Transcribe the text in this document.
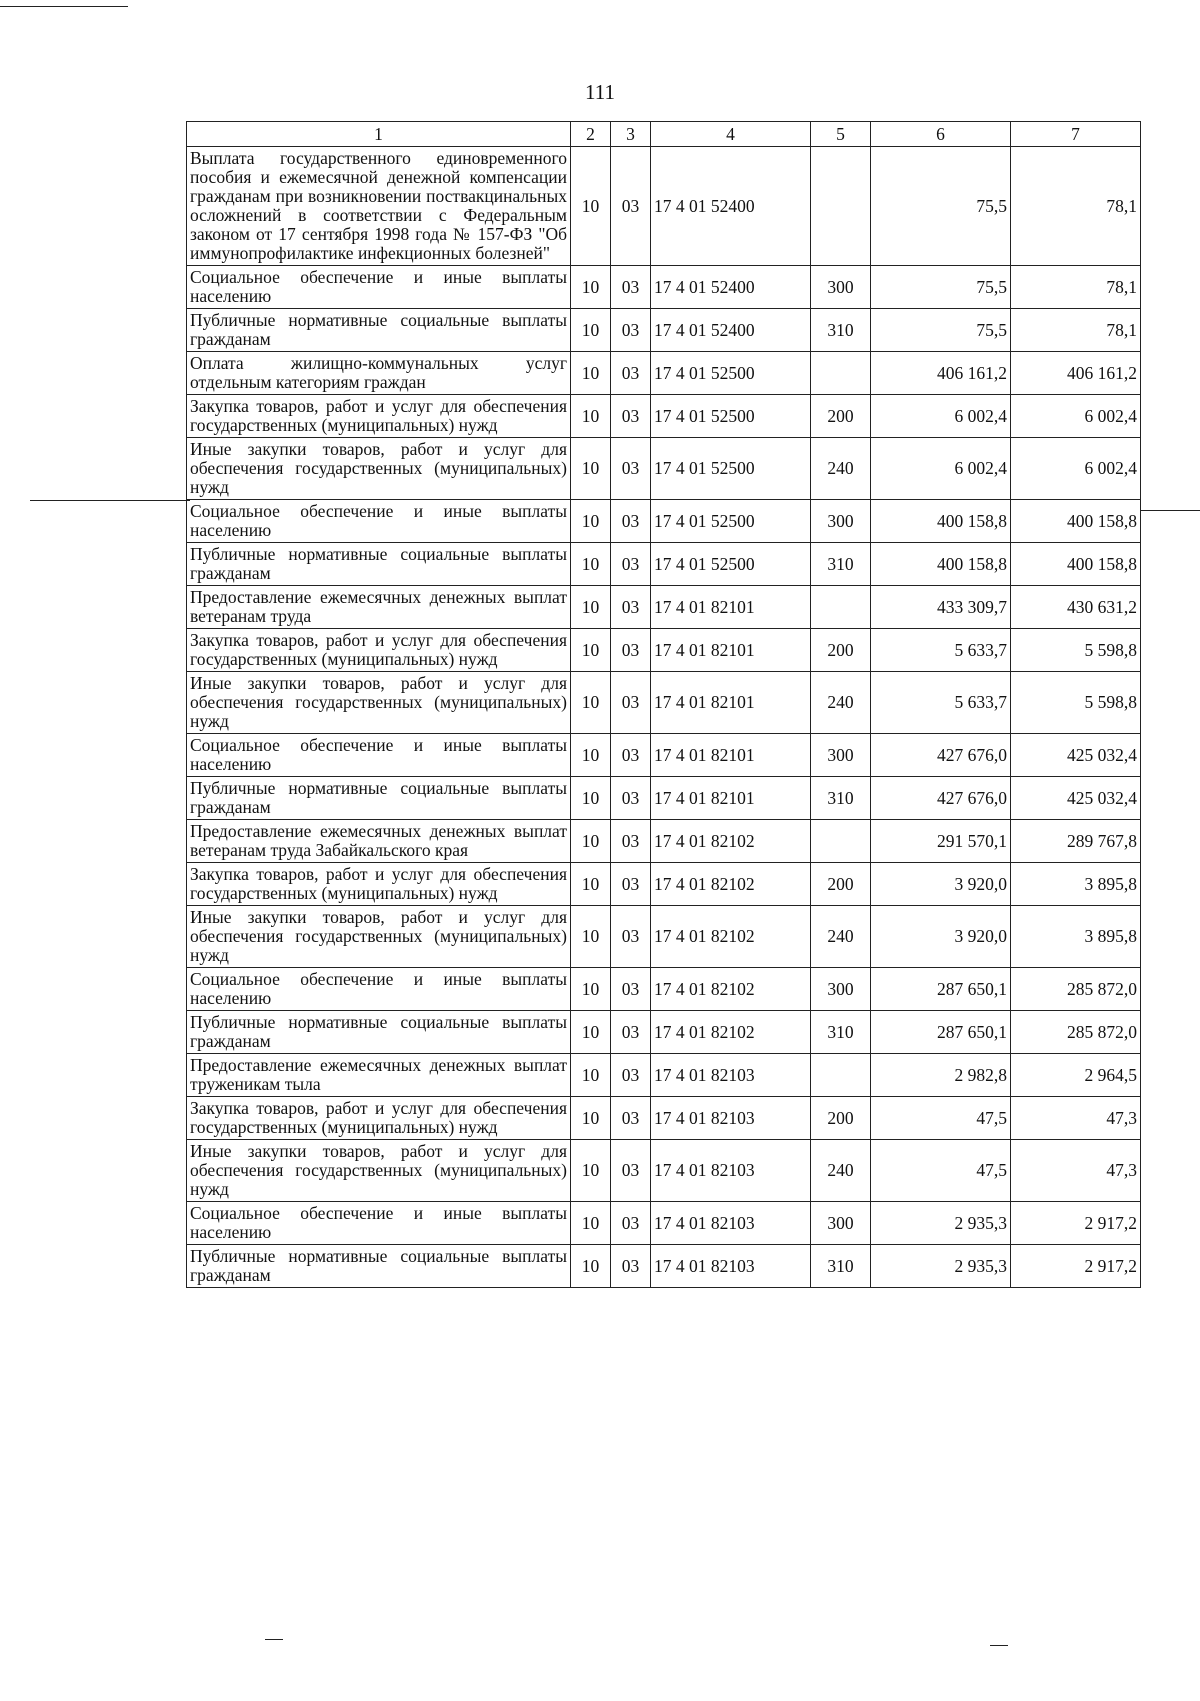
111
1	2	3	4	5	6	7
Выплата государственного единовременного пособия и ежемесячной денежной компенсации гражданам при возникновении поствакцинальных осложнений в соответствии с Федеральным законом от 17 сентября 1998 года № 157-ФЗ "Об иммунопрофилактике инфекционных болезней"	10	03	17 4 01 52400		75,5	78,1
Социальное обеспечение и иные выплаты населению	10	03	17 4 01 52400	300	75,5	78,1
Публичные нормативные социальные выплаты гражданам	10	03	17 4 01 52400	310	75,5	78,1
Оплата жилищно-коммунальных услуг отдельным категориям граждан	10	03	17 4 01 52500		406 161,2	406 161,2
Закупка товаров, работ и услуг для обеспечения государственных (муниципальных) нужд	10	03	17 4 01 52500	200	6 002,4	6 002,4
Иные закупки товаров, работ и услуг для обеспечения государственных (муниципальных) нужд	10	03	17 4 01 52500	240	6 002,4	6 002,4
Социальное обеспечение и иные выплаты населению	10	03	17 4 01 52500	300	400 158,8	400 158,8
Публичные нормативные социальные выплаты гражданам	10	03	17 4 01 52500	310	400 158,8	400 158,8
Предоставление ежемесячных денежных выплат ветеранам труда	10	03	17 4 01 82101		433 309,7	430 631,2
Закупка товаров, работ и услуг для обеспечения государственных (муниципальных) нужд	10	03	17 4 01 82101	200	5 633,7	5 598,8
Иные закупки товаров, работ и услуг для обеспечения государственных (муниципальных) нужд	10	03	17 4 01 82101	240	5 633,7	5 598,8
Социальное обеспечение и иные выплаты населению	10	03	17 4 01 82101	300	427 676,0	425 032,4
Публичные нормативные социальные выплаты гражданам	10	03	17 4 01 82101	310	427 676,0	425 032,4
Предоставление ежемесячных денежных выплат ветеранам труда Забайкальского края	10	03	17 4 01 82102		291 570,1	289 767,8
Закупка товаров, работ и услуг для обеспечения государственных (муниципальных) нужд	10	03	17 4 01 82102	200	3 920,0	3 895,8
Иные закупки товаров, работ и услуг для обеспечения государственных (муниципальных) нужд	10	03	17 4 01 82102	240	3 920,0	3 895,8
Социальное обеспечение и иные выплаты населению	10	03	17 4 01 82102	300	287 650,1	285 872,0
Публичные нормативные социальные выплаты гражданам	10	03	17 4 01 82102	310	287 650,1	285 872,0
Предоставление ежемесячных денежных выплат труженикам тыла	10	03	17 4 01 82103		2 982,8	2 964,5
Закупка товаров, работ и услуг для обеспечения государственных (муниципальных) нужд	10	03	17 4 01 82103	200	47,5	47,3
Иные закупки товаров, работ и услуг для обеспечения государственных (муниципальных) нужд	10	03	17 4 01 82103	240	47,5	47,3
Социальное обеспечение и иные выплаты населению	10	03	17 4 01 82103	300	2 935,3	2 917,2
Публичные нормативные социальные выплаты гражданам	10	03	17 4 01 82103	310	2 935,3	2 917,2
